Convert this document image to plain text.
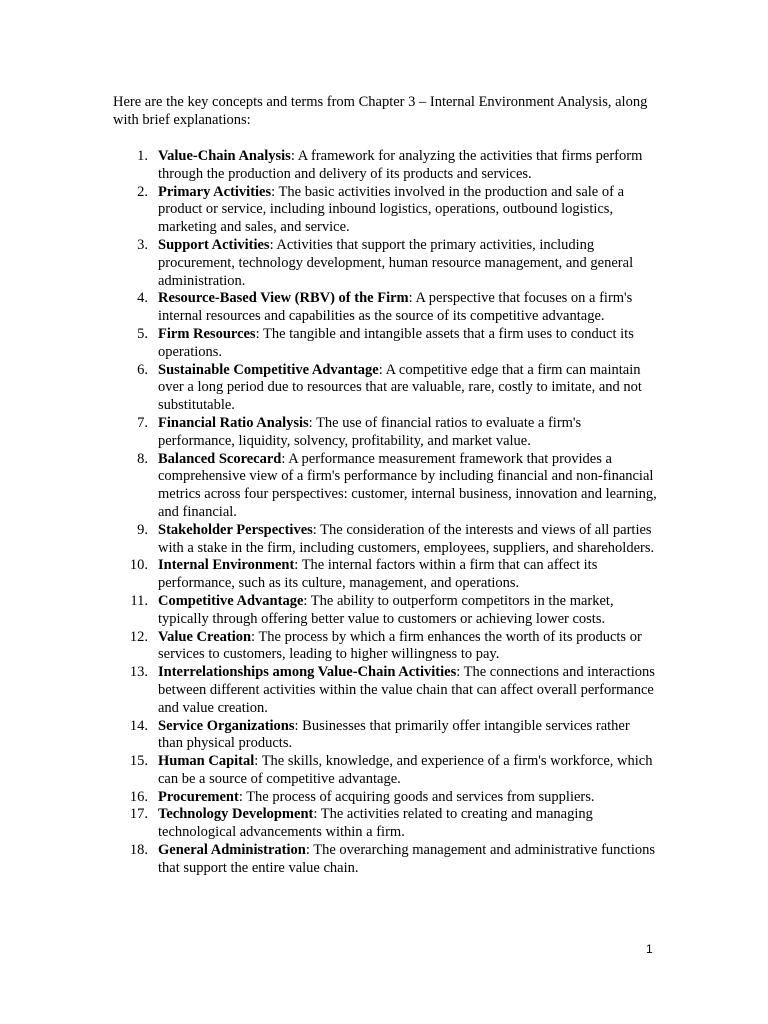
Here are the key concepts and terms from Chapter 3 – Internal Environment Analysis, along with brief explanations:

1. Value-Chain Analysis: A framework for analyzing the activities that firms perform through the production and delivery of its products and services.
2. Primary Activities: The basic activities involved in the production and sale of a product or service, including inbound logistics, operations, outbound logistics, marketing and sales, and service.
3. Support Activities: Activities that support the primary activities, including procurement, technology development, human resource management, and general administration.
4. Resource-Based View (RBV) of the Firm: A perspective that focuses on a firm's internal resources and capabilities as the source of its competitive advantage.
5. Firm Resources: The tangible and intangible assets that a firm uses to conduct its operations.
6. Sustainable Competitive Advantage: A competitive edge that a firm can maintain over a long period due to resources that are valuable, rare, costly to imitate, and not substitutable.
7. Financial Ratio Analysis: The use of financial ratios to evaluate a firm's performance, liquidity, solvency, profitability, and market value.
8. Balanced Scorecard: A performance measurement framework that provides a comprehensive view of a firm's performance by including financial and non-financial metrics across four perspectives: customer, internal business, innovation and learning, and financial.
9. Stakeholder Perspectives: The consideration of the interests and views of all parties with a stake in the firm, including customers, employees, suppliers, and shareholders.
10. Internal Environment: The internal factors within a firm that can affect its performance, such as its culture, management, and operations.
11. Competitive Advantage: The ability to outperform competitors in the market, typically through offering better value to customers or achieving lower costs.
12. Value Creation: The process by which a firm enhances the worth of its products or services to customers, leading to higher willingness to pay.
13. Interrelationships among Value-Chain Activities: The connections and interactions between different activities within the value chain that can affect overall performance and value creation.
14. Service Organizations: Businesses that primarily offer intangible services rather than physical products.
15. Human Capital: The skills, knowledge, and experience of a firm's workforce, which can be a source of competitive advantage.
16. Procurement: The process of acquiring goods and services from suppliers.
17. Technology Development: The activities related to creating and managing technological advancements within a firm.
18. General Administration: The overarching management and administrative functions that support the entire value chain.
1
